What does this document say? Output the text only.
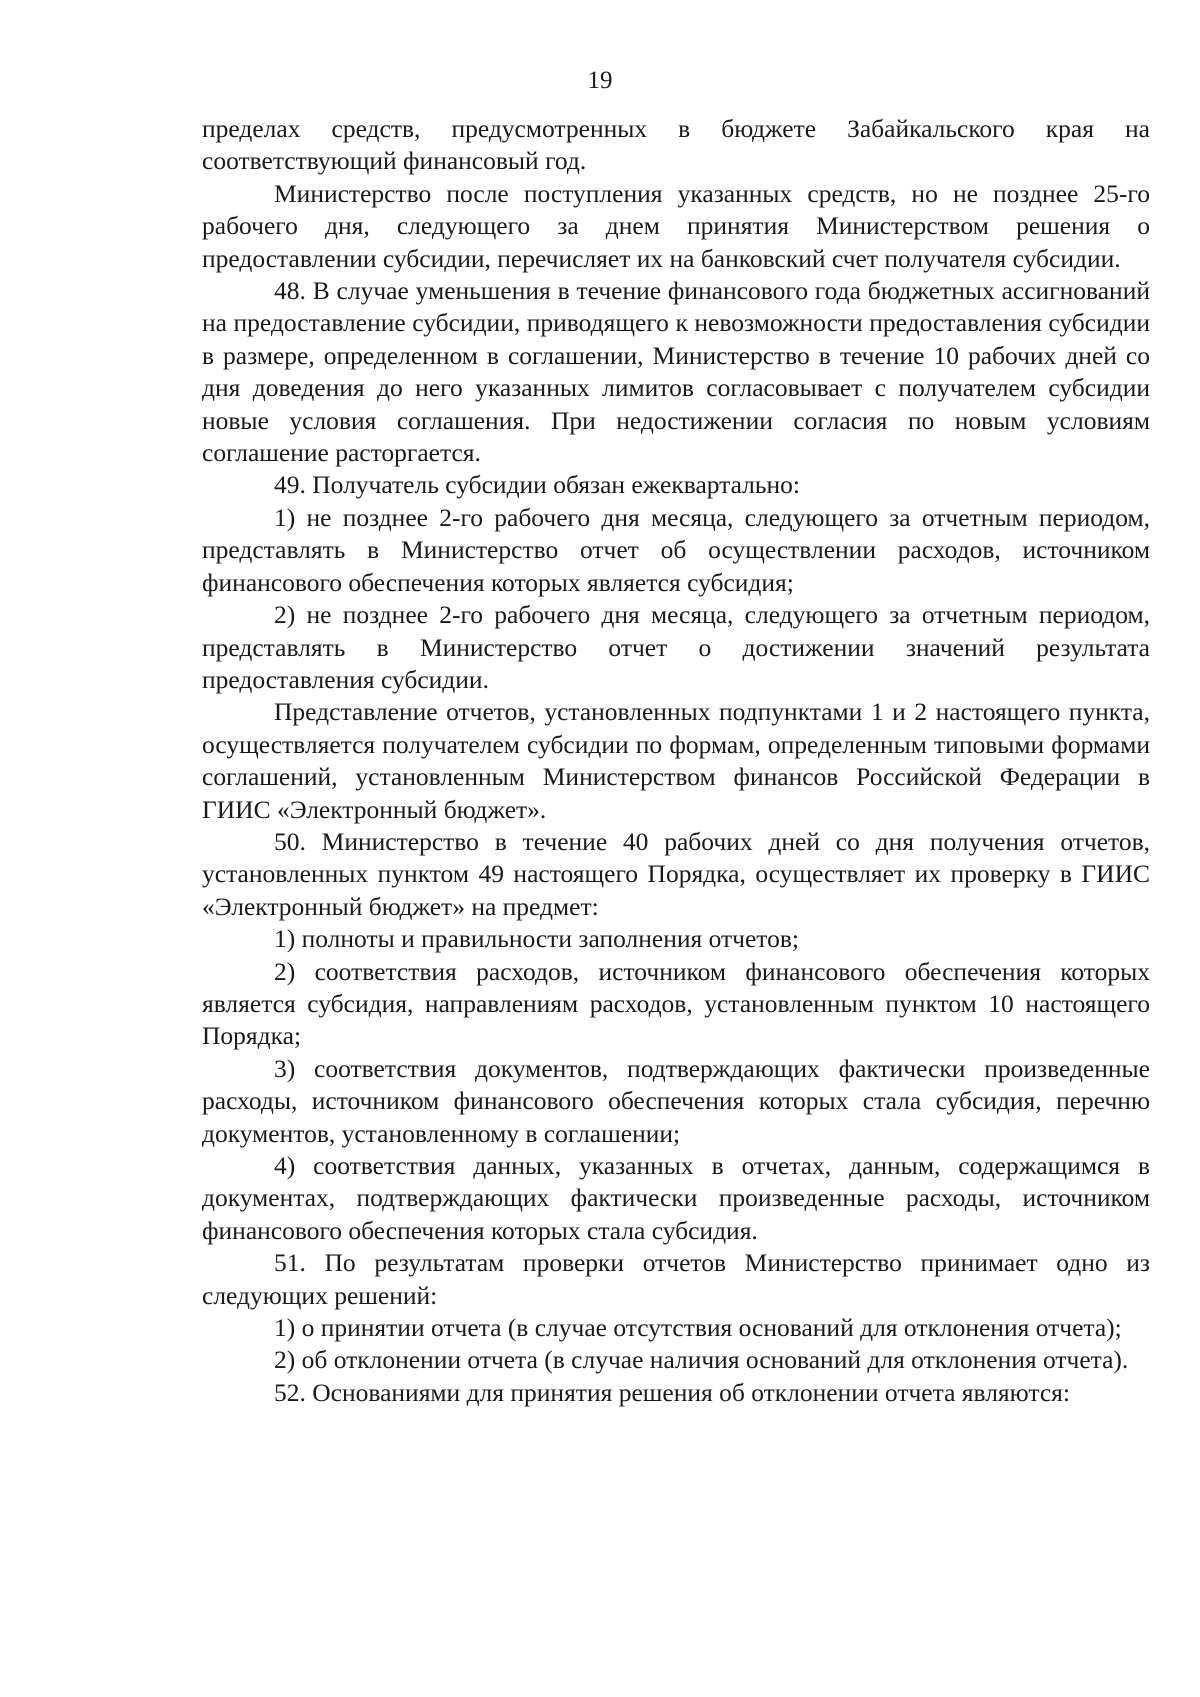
19

пределах средств, предусмотренных в бюджете Забайкальского края на соответствующий финансовый год.

Министерство после поступления указанных средств, но не позднее 25-го рабочего дня, следующего за днем принятия Министерством решения о предоставлении субсидии, перечисляет их на банковский счет получателя субсидии.

48. В случае уменьшения в течение финансового года бюджетных ассигнований на предоставление субсидии, приводящего к невозможности предоставления субсидии в размере, определенном в соглашении, Министерство в течение 10 рабочих дней со дня доведения до него указанных лимитов согласовывает с получателем субсидии новые условия соглашения. При недостижении согласия по новым условиям соглашение расторгается.

49. Получатель субсидии обязан ежеквартально:

1) не позднее 2-го рабочего дня месяца, следующего за отчетным периодом, представлять в Министерство отчет об осуществлении расходов, источником финансового обеспечения которых является субсидия;

2) не позднее 2-го рабочего дня месяца, следующего за отчетным периодом, представлять в Министерство отчет о достижении значений результата предоставления субсидии.

Представление отчетов, установленных подпунктами 1 и 2 настоящего пункта, осуществляется получателем субсидии по формам, определенным типовыми формами соглашений, установленным Министерством финансов Российской Федерации в ГИИС «Электронный бюджет».

50. Министерство в течение 40 рабочих дней со дня получения отчетов, установленных пунктом 49 настоящего Порядка, осуществляет их проверку в ГИИС «Электронный бюджет» на предмет:

1) полноты и правильности заполнения отчетов;

2) соответствия расходов, источником финансового обеспечения которых является субсидия, направлениям расходов, установленным пунктом 10 настоящего Порядка;

3) соответствия документов, подтверждающих фактически произведенные расходы, источником финансового обеспечения которых стала субсидия, перечню документов, установленному в соглашении;

4) соответствия данных, указанных в отчетах, данным, содержащимся в документах, подтверждающих фактически произведенные расходы, источником финансового обеспечения которых стала субсидия.

51. По результатам проверки отчетов Министерство принимает одно из следующих решений:

1) о принятии отчета (в случае отсутствия оснований для отклонения отчета);

2) об отклонении отчета (в случае наличия оснований для отклонения отчета).

52. Основаниями для принятия решения об отклонении отчета являются:
